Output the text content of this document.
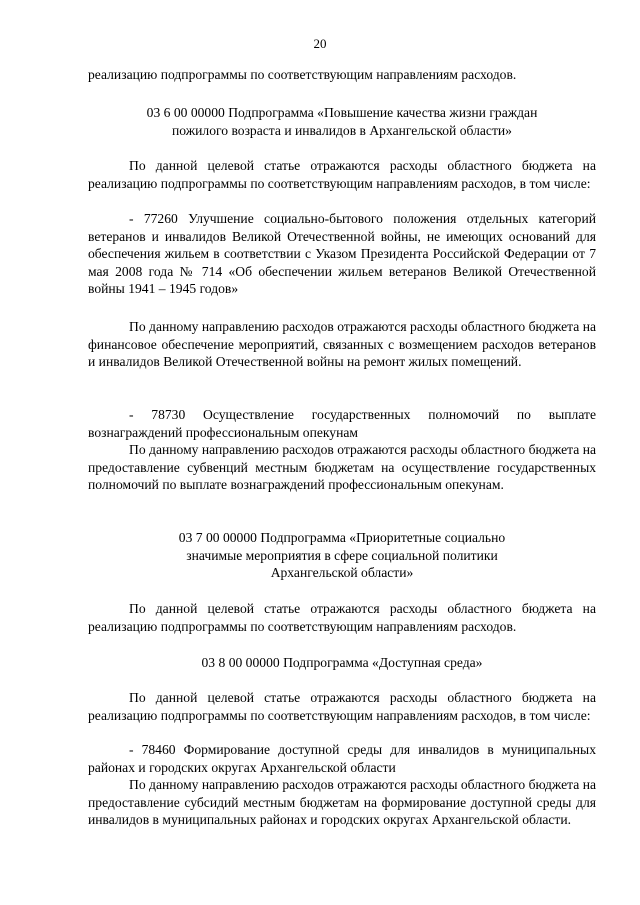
20

реализацию подпрограммы по соответствующим направлениям расходов.

03 6 00 00000 Подпрограмма «Повышение качества жизни граждан
пожилого возраста и инвалидов в Архангельской области»

По данной целевой статье отражаются расходы областного бюджета на реализацию подпрограммы по соответствующим направлениям расходов, в том числе:

- 77260 Улучшение социально-бытового положения отдельных категорий ветеранов и инвалидов Великой Отечественной войны, не имеющих оснований для обеспечения жильем в соответствии с Указом Президента Российской Федерации от 7 мая 2008 года № 714 «Об обеспечении жильем ветеранов Великой Отечественной войны 1941 – 1945 годов»

По данному направлению расходов отражаются расходы областного бюджета на финансовое обеспечение мероприятий, связанных с возмещением расходов ветеранов и инвалидов Великой Отечественной войны на ремонт жилых помещений.

- 78730 Осуществление государственных полномочий по выплате вознаграждений профессиональным опекунам

По данному направлению расходов отражаются расходы областного бюджета на предоставление субвенций местным бюджетам на осуществление государственных полномочий по выплате вознаграждений профессиональным опекунам.

03 7 00 00000 Подпрограмма «Приоритетные социально
значимые мероприятия в сфере социальной политики
Архангельской области»

По данной целевой статье отражаются расходы областного бюджета на реализацию подпрограммы по соответствующим направлениям расходов.

03 8 00 00000 Подпрограмма «Доступная среда»

По данной целевой статье отражаются расходы областного бюджета на реализацию подпрограммы по соответствующим направлениям расходов, в том числе:

- 78460 Формирование доступной среды для инвалидов в муниципальных районах и городских округах Архангельской области

По данному направлению расходов отражаются расходы областного бюджета на предоставление субсидий местным бюджетам на формирование доступной среды для инвалидов в муниципальных районах и городских округах Архангельской области.
